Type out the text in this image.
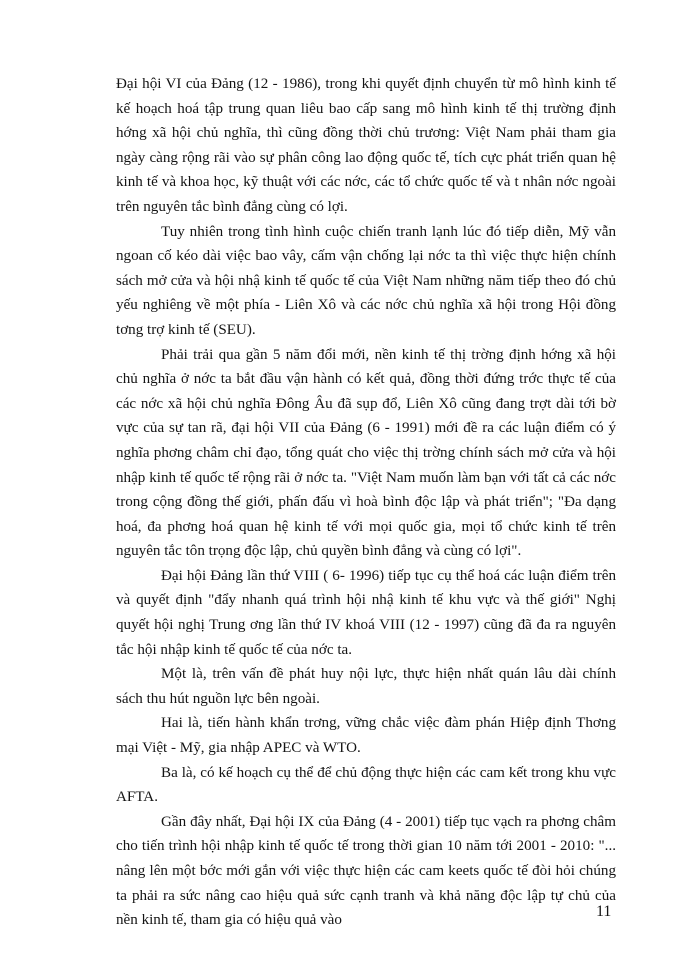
Đại hội VI của Đảng (12 - 1986), trong khi quyết định chuyển từ mô hình kinh tế kế hoạch hoá tập trung quan liêu bao cấp sang mô hình kinh tế thị trường định hớng xã hội chủ nghĩa, thì cũng đồng thời chủ trương: Việt Nam phải tham gia ngày càng rộng rãi vào sự phân công lao động quốc tế, tích cực phát triển quan hệ kinh tế và khoa học, kỹ thuật với các nớc, các tổ chức quốc tế và t nhân nớc ngoài trên nguyên tắc bình đẳng cùng có lợi.

Tuy nhiên trong tình hình cuộc chiến tranh lạnh lúc đó tiếp diễn, Mỹ vẫn ngoan cố kéo dài việc bao vây, cấm vận chống lại nớc ta thì việc thực hiện chính sách mở cửa và hội nhậ kinh tế quốc tế của Việt Nam những năm tiếp theo đó chủ yếu nghiêng về một phía - Liên Xô và các nớc chủ nghĩa xã hội trong Hội đồng tơng trợ kinh tế (SEU).

Phải trải qua gần 5 năm đổi mới, nền kinh tế thị trờng định hớng xã hội chủ nghĩa ở nớc ta bắt đầu vận hành có kết quả, đồng thời đứng trớc thực tế của các nớc xã hội chủ nghĩa Đông Âu đã sụp đổ, Liên Xô cũng đang trợt dài tới bờ vực của sự tan rã, đại hội VII của Đảng (6 - 1991) mới đề ra các luận điểm có ý nghĩa phơng châm chỉ đạo, tổng quát cho việc thị trờng chính sách mở cửa và hội nhập kinh tế quốc tế rộng rãi ở nớc ta. "Việt Nam muốn làm bạn với tất cả các nớc trong cộng đồng thế giới, phấn đấu vì hoà bình độc lập và phát triển"; "Đa dạng hoá, đa phơng hoá quan hệ kinh tế với mọi quốc gia, mọi tổ chức kinh tế trên nguyên tắc tôn trọng độc lập, chủ quyền bình đẳng và cùng có lợi".

Đại hội Đảng lần thứ VIII ( 6- 1996) tiếp tục cụ thể hoá các luận điểm trên và quyết định "đẩy nhanh quá trình hội nhậ kinh tế khu vực và thế giới" Nghị quyết hội nghị Trung ơng lần thứ IV khoá VIII (12 - 1997) cũng đã đa ra nguyên tắc hội nhập kinh tế quốc tế của nớc ta.

Một là, trên vấn đề phát huy nội lực, thực hiện nhất quán lâu dài chính sách thu hút nguồn lực bên ngoài.

Hai là, tiến hành khẩn trơng, vững chắc việc đàm phán Hiệp định Thơng mại Việt - Mỹ, gia nhập APEC và WTO.

Ba là, có kế hoạch cụ thể để chủ động thực hiện các cam kết trong khu vực AFTA.

Gần đây nhất, Đại hội IX của Đảng (4 - 2001) tiếp tục vạch ra phơng châm cho tiến trình hội nhập kinh tế quốc tế trong thời gian 10 năm tới 2001 - 2010: "... nâng lên một bớc mới gắn với việc thực hiện các cam keets quốc tế đòi hỏi chúng ta phải ra sức nâng cao hiệu quả sức cạnh tranh và khả năng độc lập tự chủ của nền kinh tế, tham gia có hiệu quả vào

11
